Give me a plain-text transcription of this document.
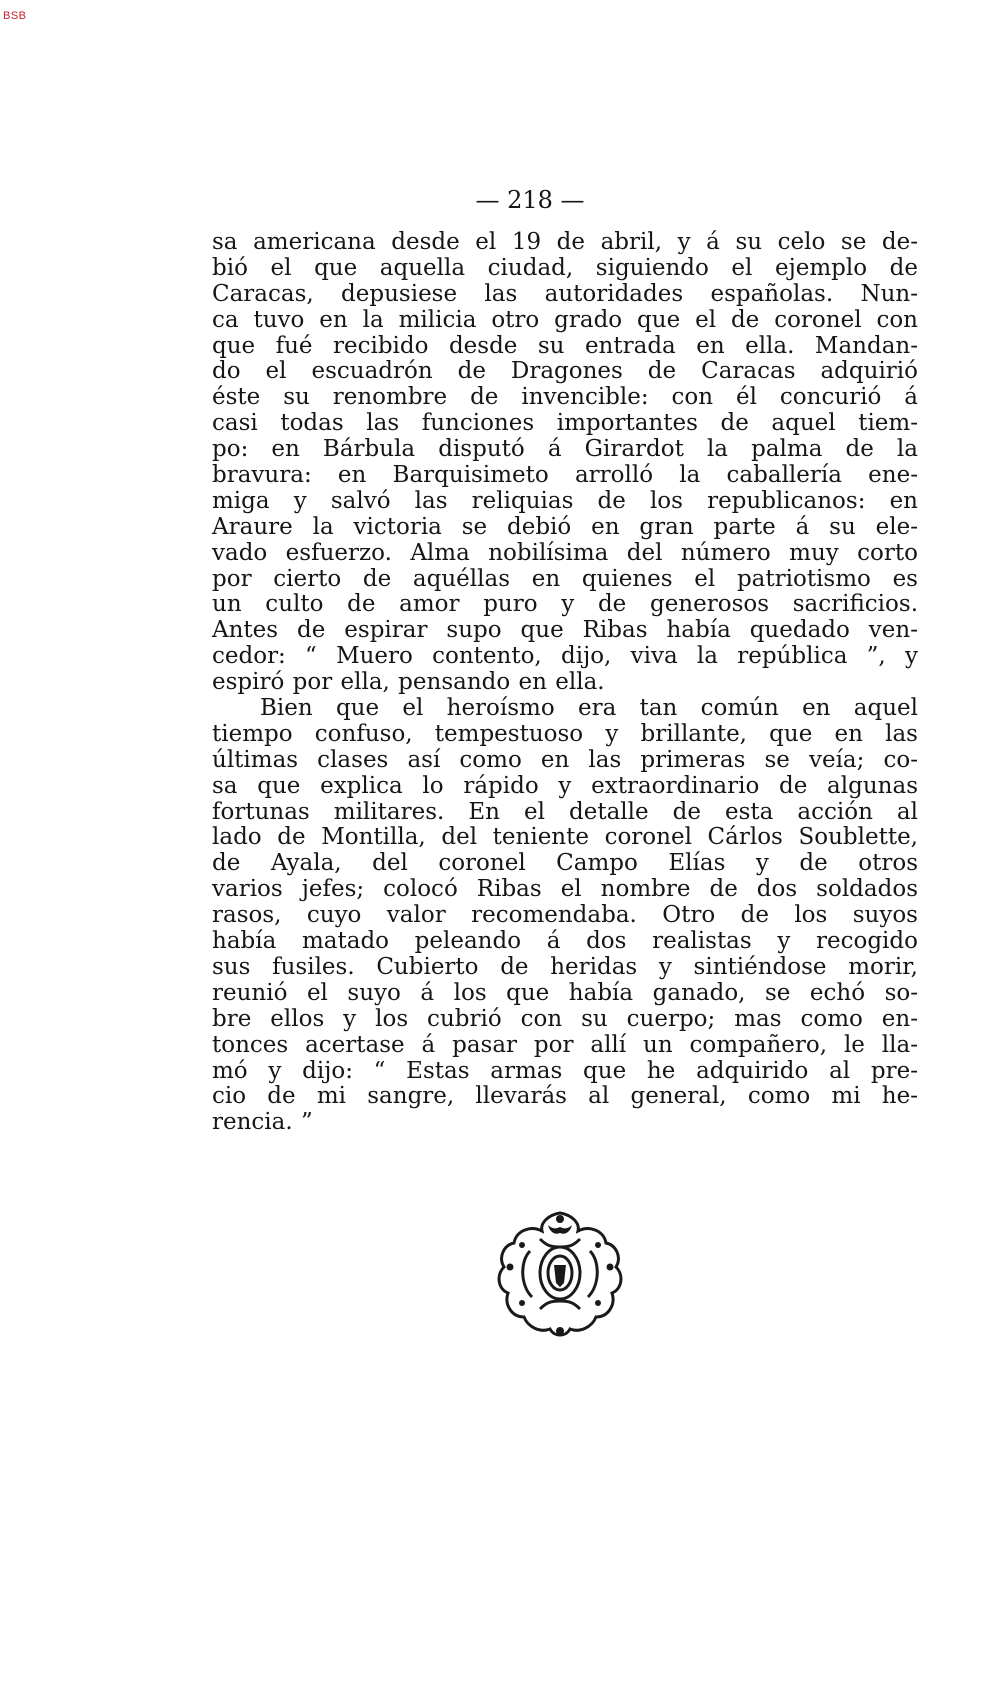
BSB
— 218 —
sa americana desde el 19 de abril, y á su celo se de-
bió el que aquella ciudad, siguiendo el ejemplo de
Caracas, depusiese las autoridades españolas. Nun-
ca tuvo en la milicia otro grado que el de coronel con
que fué recibido desde su entrada en ella. Mandan-
do el escuadrón de Dragones de Caracas adquirió
éste su renombre de invencible: con él concurió á
casi todas las funciones importantes de aquel tiem-
po: en Bárbula disputó á Girardot la palma de la
bravura: en Barquisimeto arrolló la caballería ene-
miga y salvó las reliquias de los republicanos: en
Araure la victoria se debió en gran parte á su ele-
vado esfuerzo. Alma nobilísima del número muy corto
por cierto de aquéllas en quienes el patriotismo es
un culto de amor puro y de generosos sacrificios.
Antes de espirar supo que Ribas había quedado ven-
cedor: “ Muero contento, dijo, viva la república ”, y
espiró por ella, pensando en ella.
Bien que el heroísmo era tan común en aquel
tiempo confuso, tempestuoso y brillante, que en las
últimas clases así como en las primeras se veía; co-
sa que explica lo rápido y extraordinario de algunas
fortunas militares. En el detalle de esta acción al
lado de Montilla, del teniente coronel Cárlos Soublette,
de Ayala, del coronel Campo Elías y de otros
varios jefes; colocó Ribas el nombre de dos soldados
rasos, cuyo valor recomendaba. Otro de los suyos
había matado peleando á dos realistas y recogido
sus fusiles. Cubierto de heridas y sintiéndose morir,
reunió el suyo á los que había ganado, se echó so-
bre ellos y los cubrió con su cuerpo; mas como en-
tonces acertase á pasar por allí un compañero, le lla-
mó y dijo: “ Estas armas que he adquirido al pre-
cio de mi sangre, llevarás al general, como mi he-
rencia. ”
